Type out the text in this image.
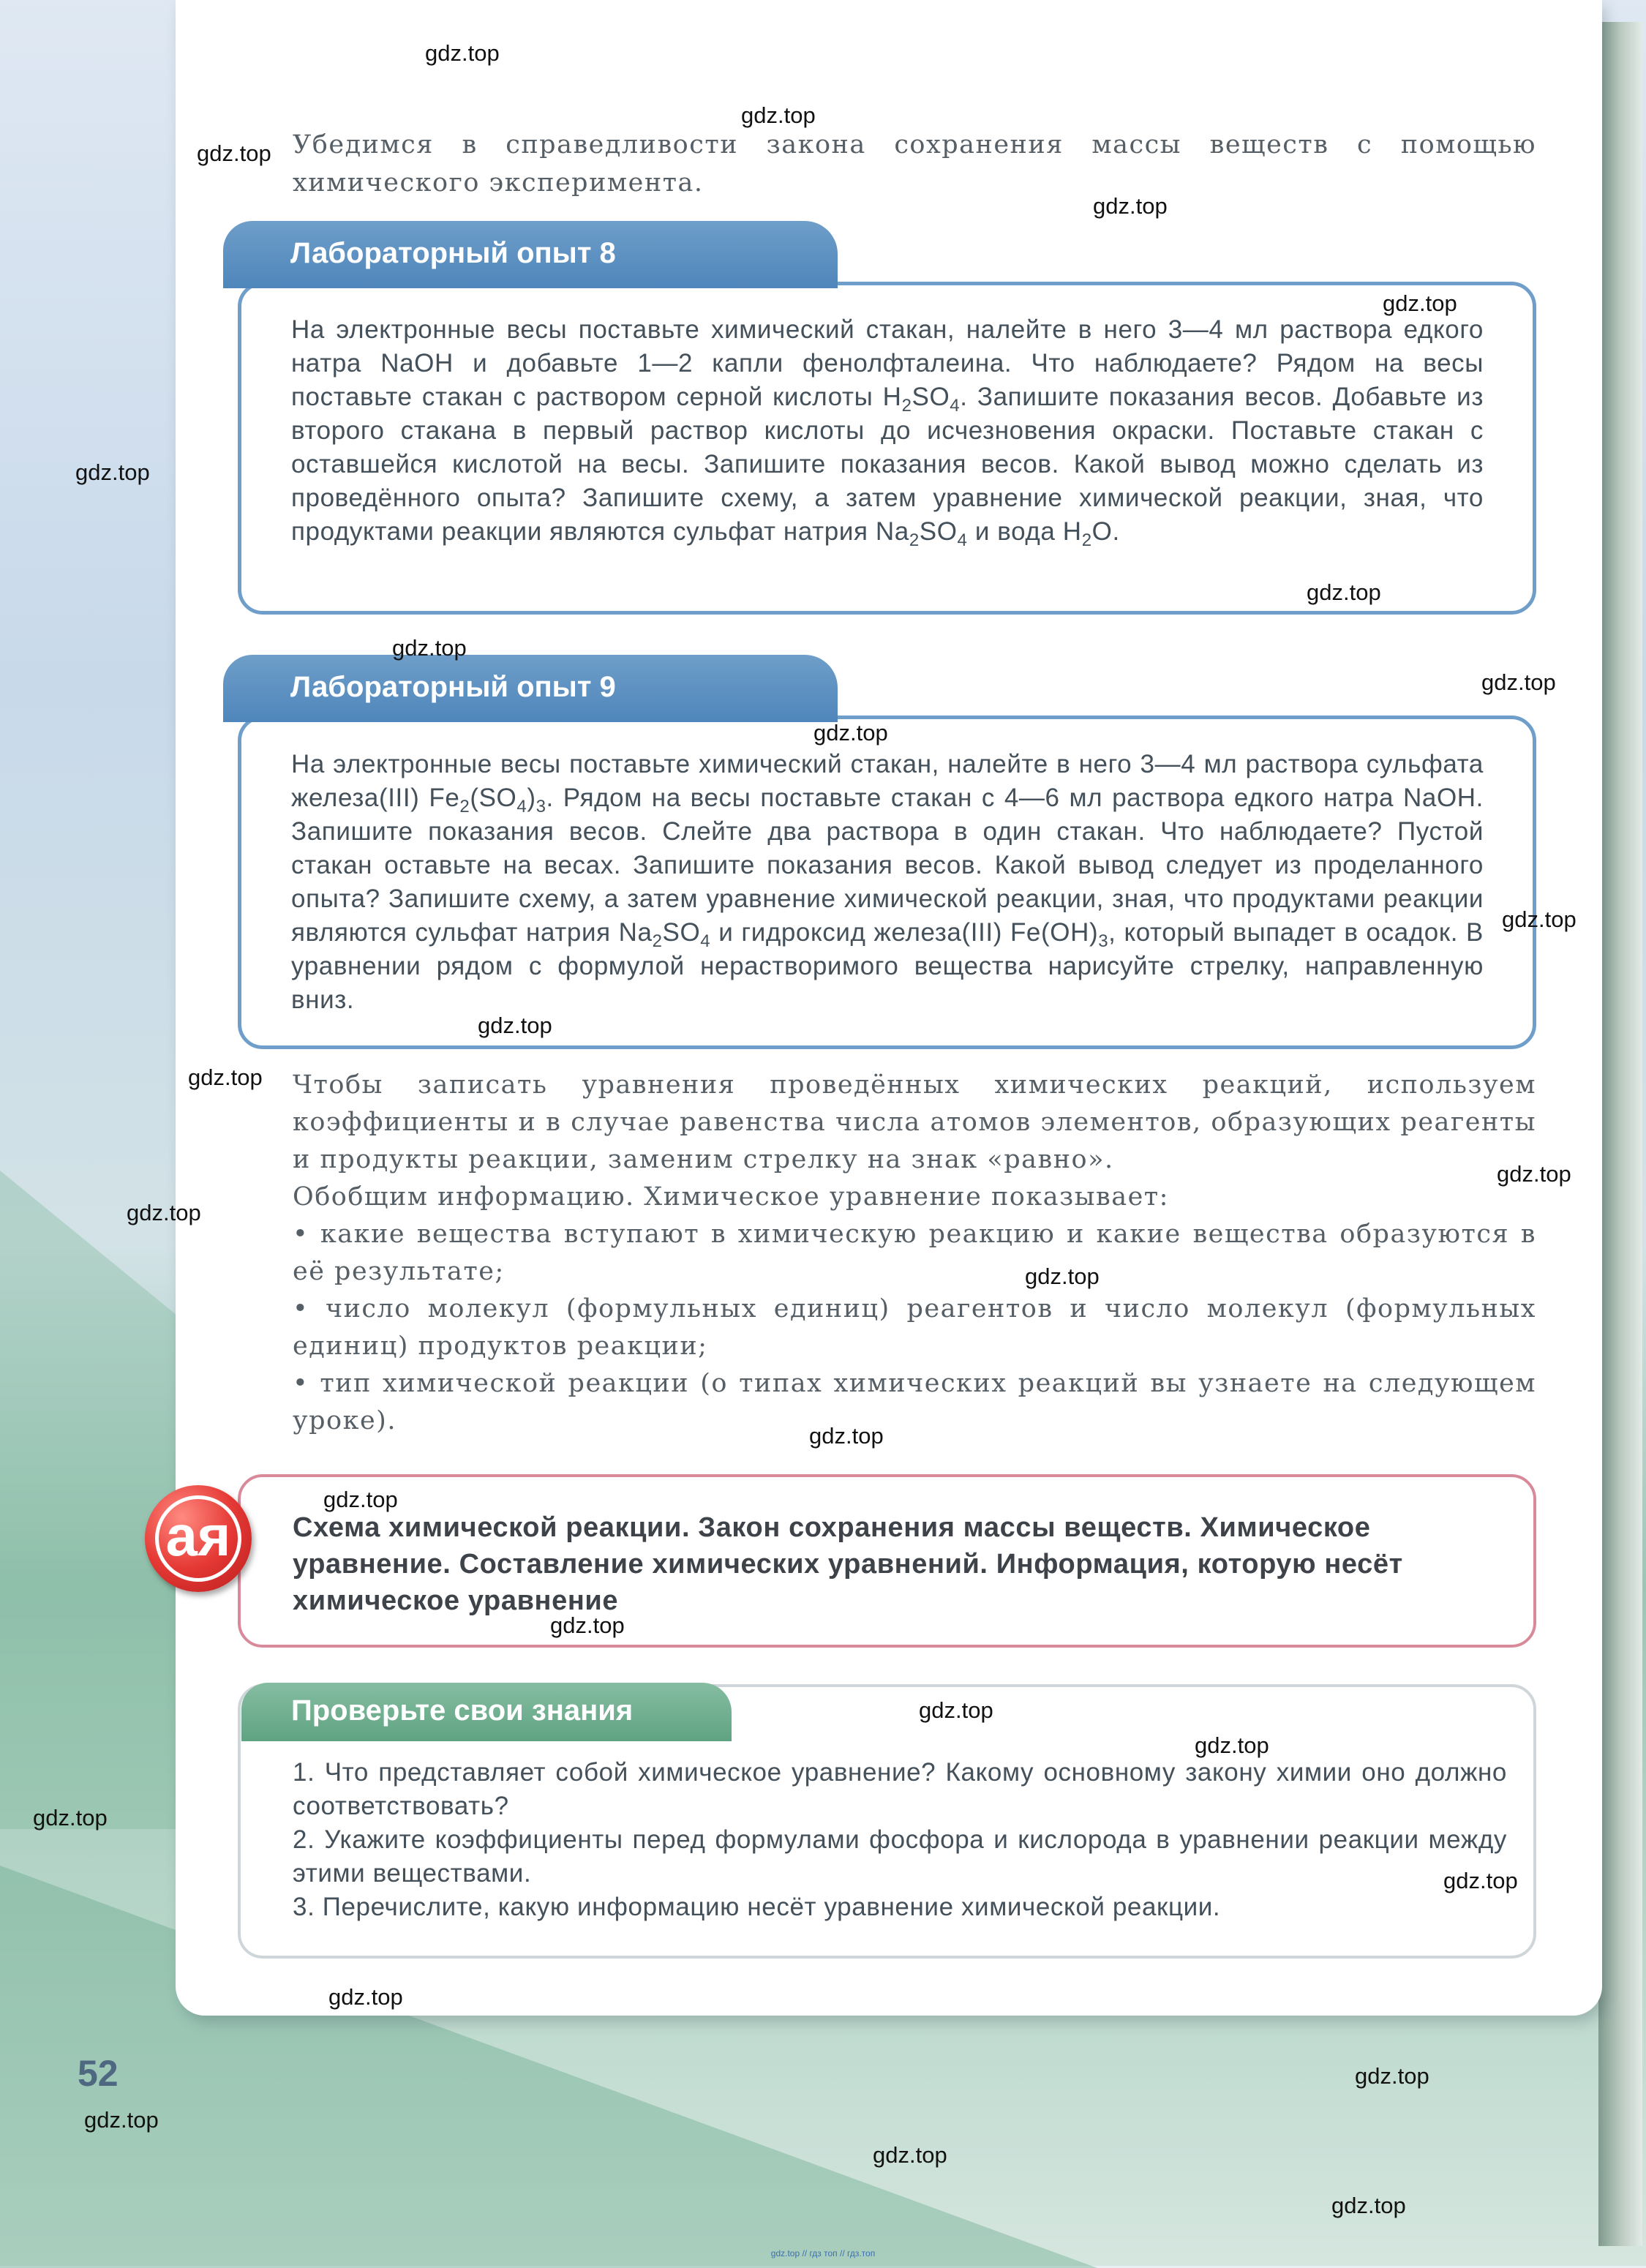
Убедимся в справедливости закона сохранения массы веществ с помощью химического эксперимента.
Лабораторный опыт 8
На электронные весы поставьте химический стакан, налейте в него 3—4 мл раствора едкого натра NaOH и добавьте 1—2 капли фенолфталеина. Что наблюдаете? Рядом на весы поставьте стакан с раствором серной кислоты $H_2SO_4$. Запишите показания весов. Добавьте из второго стакана в первый раствор кислоты до исчезновения окраски. Поставьте стакан с оставшейся кислотой на весы. Запишите показания весов. Какой вывод можно сделать из проведённого опыта? Запишите схему, а затем уравнение химической реакции, зная, что продуктами реакции являются сульфат натрия $Na_2SO_4$ и вода $H_2O$.
Лабораторный опыт 9
На электронные весы поставьте химический стакан, налейте в него 3—4 мл раствора сульфата железа(III) $Fe_2(SO_4)_3$. Рядом на весы поставьте стакан с 4—6 мл раствора едкого натра NaOH. Запишите показания весов. Слейте два раствора в один стакан. Что наблюдаете? Пустой стакан оставьте на весах. Запишите показания весов. Какой вывод следует из проделанного опыта? Запишите схему, а затем уравнение химической реакции, зная, что продуктами реакции являются сульфат натрия $Na_2SO_4$ и гидроксид железа(III) $Fe(OH)_3$, который выпадет в осадок. В уравнении рядом с формулой нерастворимого вещества нарисуйте стрелку, направленную вниз.

Чтобы записать уравнения проведённых химических реакций, используем коэффициенты и в случае равенства числа атомов элементов, образующих реагенты и продукты реакции, заменим стрелку на знак «равно».

Обобщим информацию. Химическое уравнение показывает:

• какие вещества вступают в химическую реакцию и какие вещества образуются в её результате;

• число молекул (формульных единиц) реагентов и число молекул (формульных единиц) продуктов реакции;

• тип химической реакции (о типах химических реакций вы узнаете на следующем уроке).

ая	Схема химической реакции. Закон сохранения массы веществ. Химическое уравнение. Составление химических уравнений. Информация, которую несёт химическое уравнение
Проверьте свои знания

1. Что представляет собой химическое уравнение? Какому основному закону химии оно должно соответствовать?

2. Укажите коэффициенты перед формулами фосфора и кислорода в уравнении реакции между этими веществами.

3. Перечислите, какую информацию несёт уравнение химической реакции.

52
gdz.top
gdz.top
gdz.top
gdz.top
gdz.top
gdz.top
gdz.top
gdz.top
gdz.top
gdz.top
gdz.top
gdz.top
gdz.top
gdz.top
gdz.top
gdz.top
gdz.top
gdz.top
gdz.top
gdz.top
gdz.top
gdz.top
gdz.top
gdz.top
gdz.top
gdz.top
gdz.top
gdz.top
gdz.top // гдз топ // гдз.топ
